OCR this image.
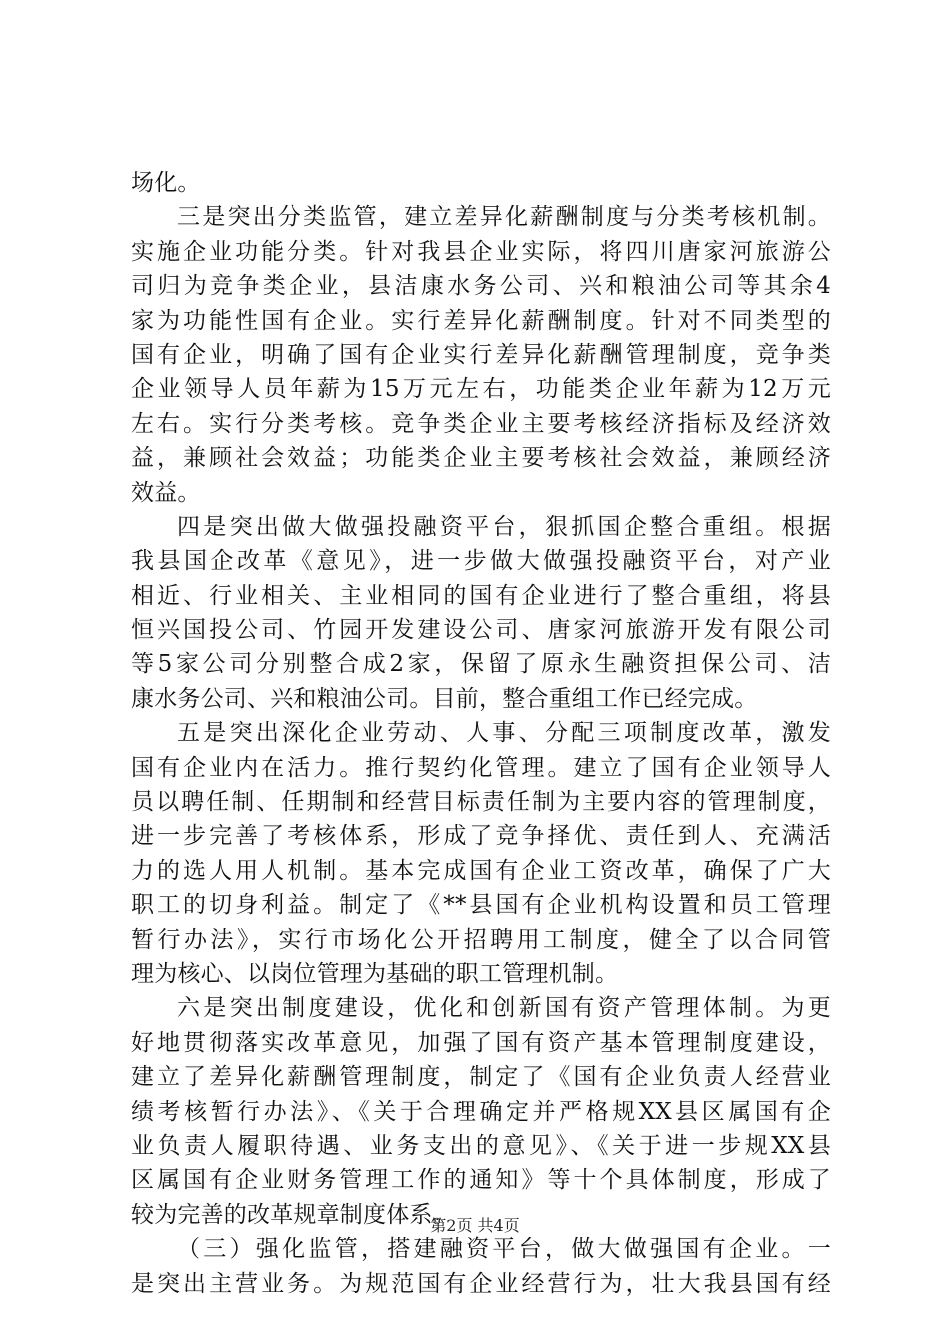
场化。
三是突出分类监管，建立差异化薪酬制度与分类考核机制。
实施企业功能分类。针对我县企业实际，将四川唐家河旅游公
司归为竞争类企业，县洁康水务公司、兴和粮油公司等其余4
家为功能性国有企业。实行差异化薪酬制度。针对不同类型的
国有企业，明确了国有企业实行差异化薪酬管理制度，竞争类
企业领导人员年薪为15万元左右，功能类企业年薪为12万元
左右。实行分类考核。竞争类企业主要考核经济指标及经济效
益，兼顾社会效益；功能类企业主要考核社会效益，兼顾经济
效益。
四是突出做大做强投融资平台，狠抓国企整合重组。根据
我县国企改革《意见》，进一步做大做强投融资平台，对产业
相近、行业相关、主业相同的国有企业进行了整合重组，将县
恒兴国投公司、竹园开发建设公司、唐家河旅游开发有限公司
等5家公司分别整合成2家，保留了原永生融资担保公司、洁
康水务公司、兴和粮油公司。目前，整合重组工作已经完成。
五是突出深化企业劳动、人事、分配三项制度改革，激发
国有企业内在活力。推行契约化管理。建立了国有企业领导人
员以聘任制、任期制和经营目标责任制为主要内容的管理制度，
进一步完善了考核体系，形成了竞争择优、责任到人、充满活
力的选人用人机制。基本完成国有企业工资改革，确保了广大
职工的切身利益。制定了《**县国有企业机构设置和员工管理
暂行办法》，实行市场化公开招聘用工制度，健全了以合同管
理为核心、以岗位管理为基础的职工管理机制。
六是突出制度建设，优化和创新国有资产管理体制。为更
好地贯彻落实改革意见，加强了国有资产基本管理制度建设，
建立了差异化薪酬管理制度，制定了《国有企业负责人经营业
绩考核暂行办法》、《关于合理确定并严格规XX县区属国有企
业负责人履职待遇、业务支出的意见》、《关于进一步规XX县
区属国有企业财务管理工作的通知》等十个具体制度，形成了
较为完善的改革规章制度体系。
（三）强化监管，搭建融资平台，做大做强国有企业。一
是突出主营业务。为规范国有企业经营行为，壮大我县国有经
第2页 共4页
